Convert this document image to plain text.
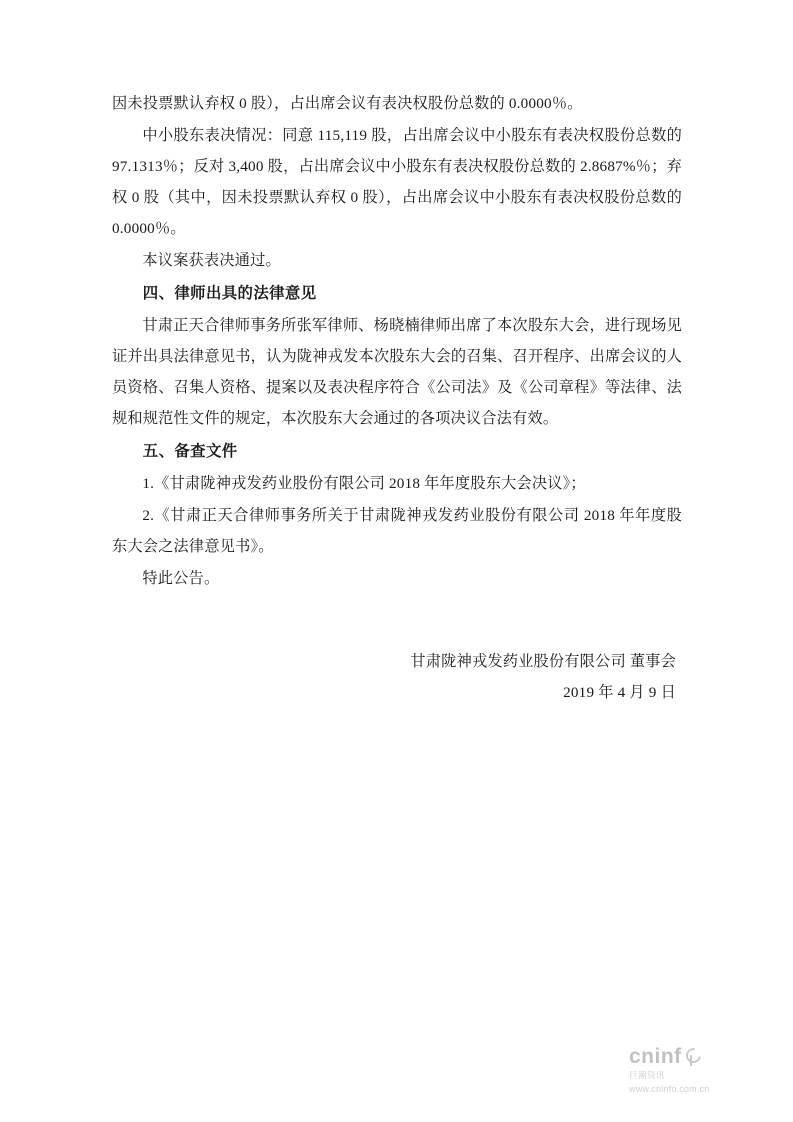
因未投票默认弃权 0 股），占出席会议有表决权股份总数的 0.0000％。

中小股东表决情况：同意 115,119 股，占出席会议中小股东有表决权股份总数的 97.1313％；反对 3,400 股，占出席会议中小股东有表决权股份总数的 2.8687%％；弃权 0 股（其中，因未投票默认弃权 0 股），占出席会议中小股东有表决权股份总数的 0.0000％。

本议案获表决通过。

四、律师出具的法律意见

甘肃正天合律师事务所张军律师、杨晓楠律师出席了本次股东大会，进行现场见证并出具法律意见书，认为陇神戎发本次股东大会的召集、召开程序、出席会议的人员资格、召集人资格、提案以及表决程序符合《公司法》及《公司章程》等法律、法规和规范性文件的规定，本次股东大会通过的各项决议合法有效。

五、备查文件

1.《甘肃陇神戎发药业股份有限公司 2018 年年度股东大会决议》；

2.《甘肃正天合律师事务所关于甘肃陇神戎发药业股份有限公司 2018 年年度股东大会之法律意见书》。

特此公告。

甘肃陇神戎发药业股份有限公司 董事会

2019 年 4 月 9 日

cninf
巨潮资讯
www.cninfo.com.cn
